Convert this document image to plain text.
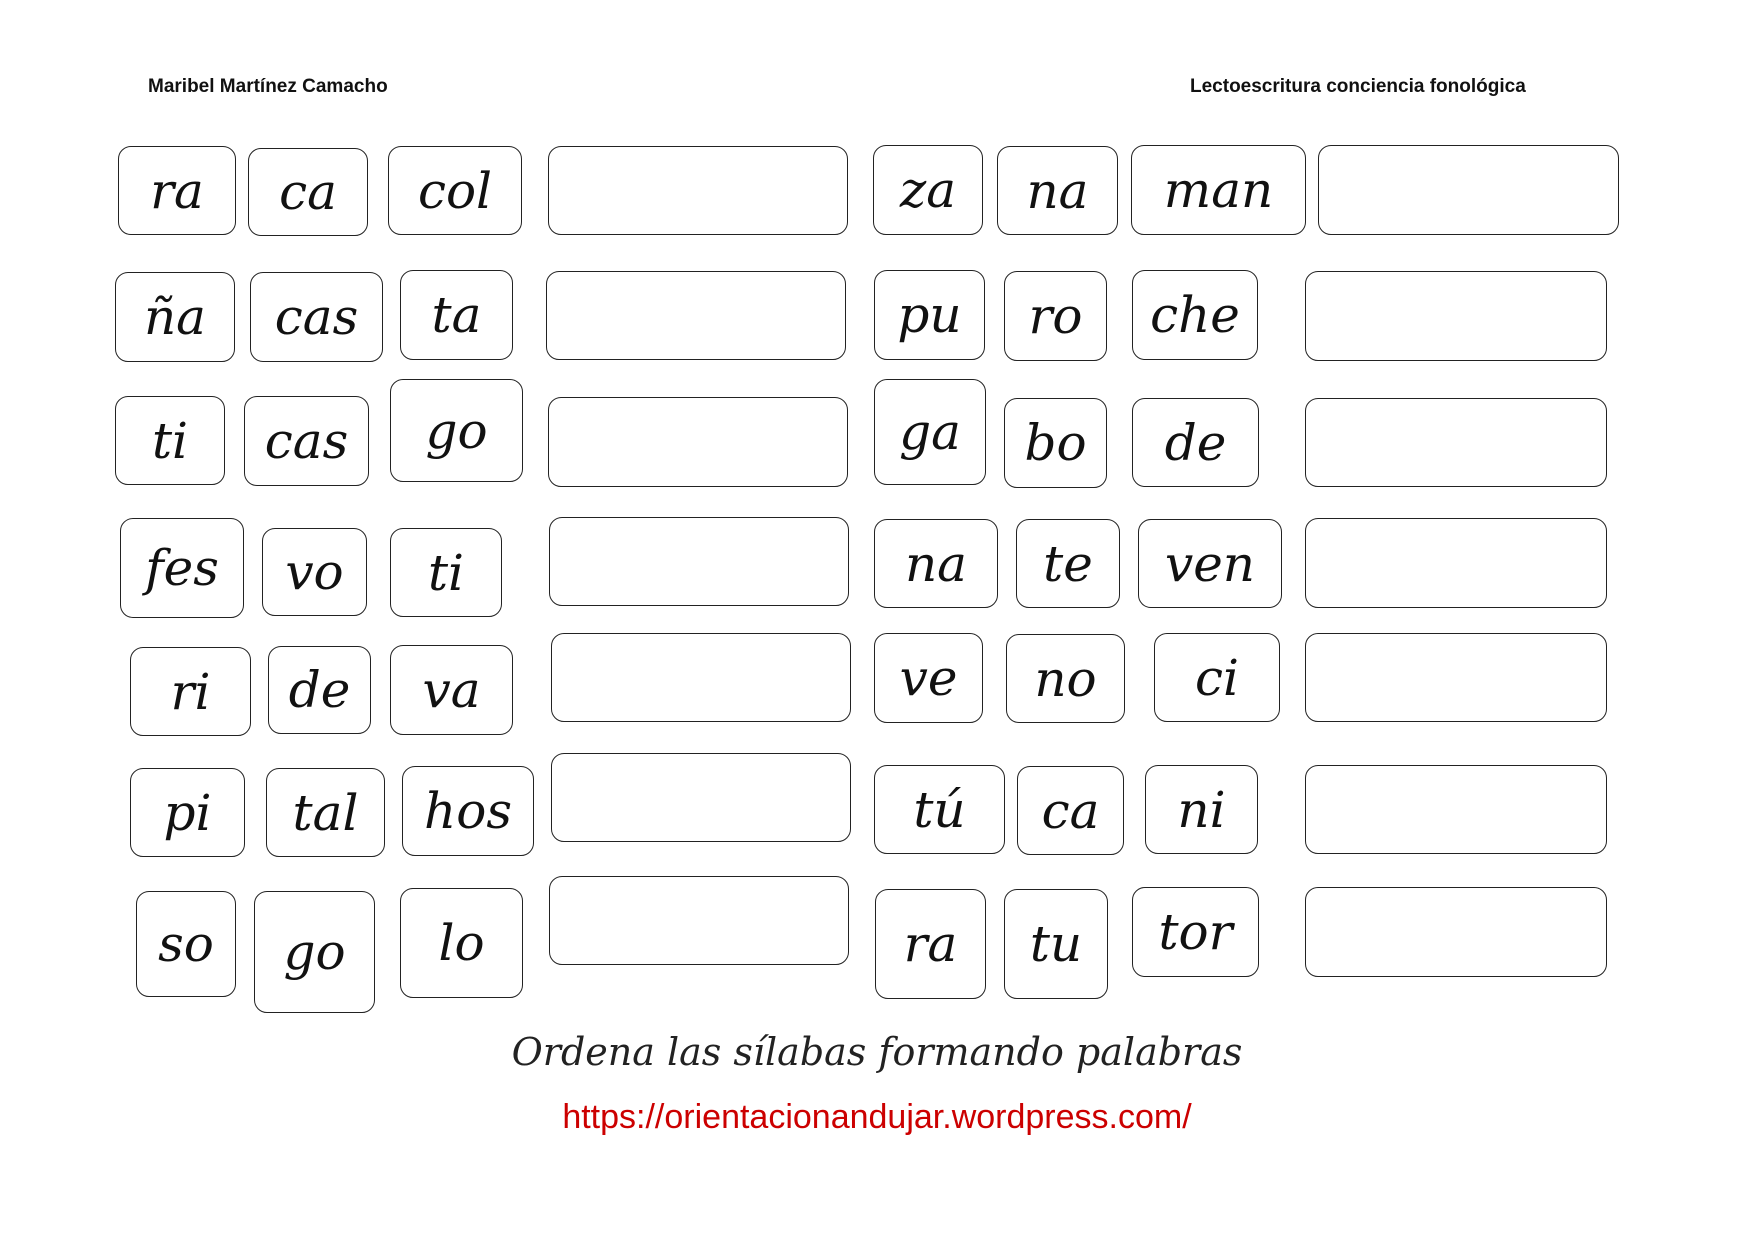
Maribel Martínez Camacho	Lectoescritura conciencia fonológica
ra	ca	col
ña	cas	ta
ti	cas	go
fes	vo	ti
ri	de	va
pi	tal	hos
so	go	lo
za	na	man
pu	ro	che
ga	bo	de
na	te	ven
ve	no	ci
tú	ca	ni
ra	tu	tor
Ordena las sílabas formando palabras
https://orientacionandujar.wordpress.com/
